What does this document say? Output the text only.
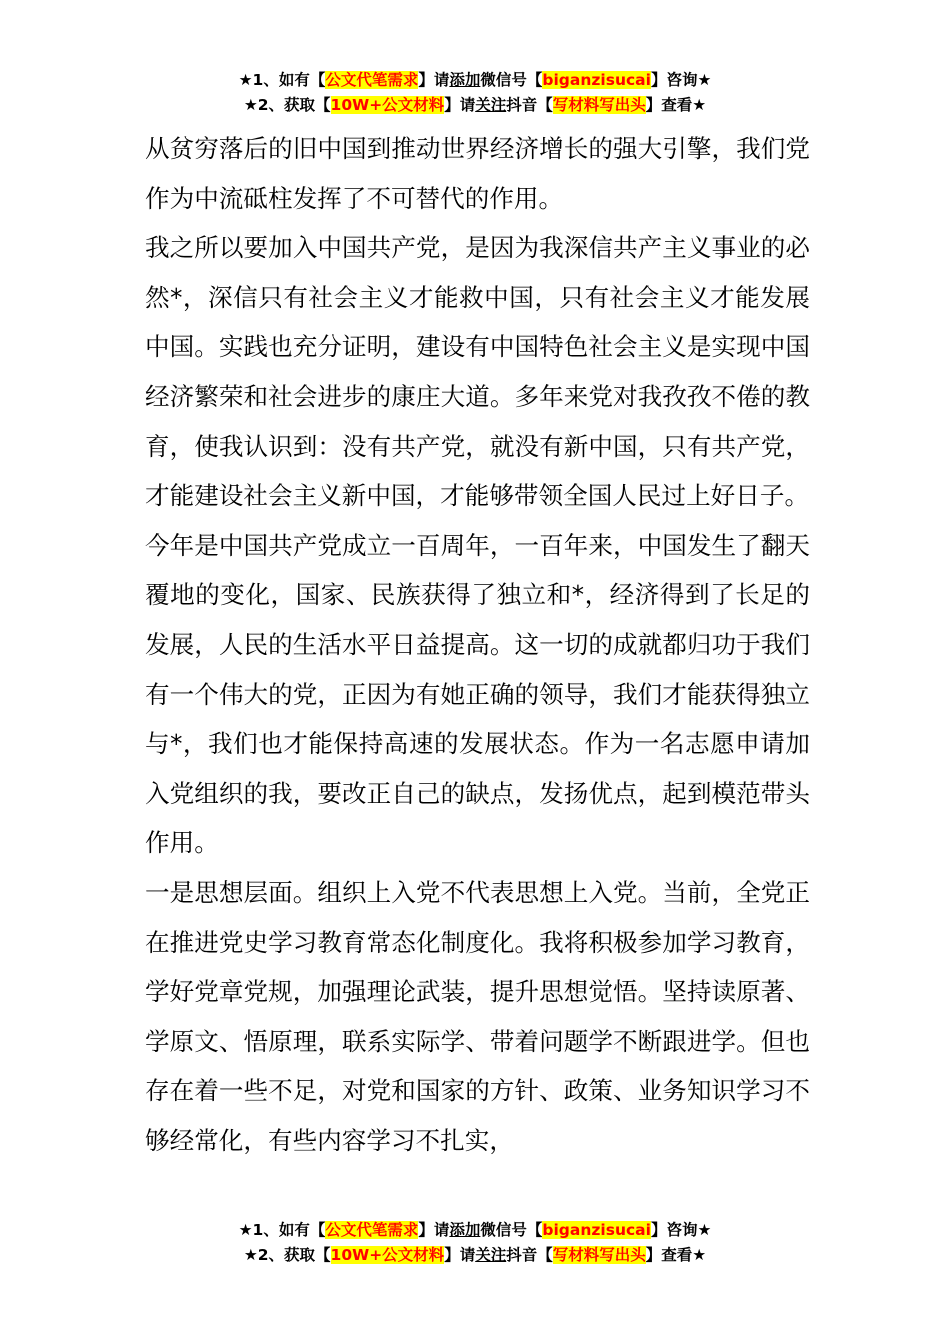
★1、如有【公文代笔需求】请添加微信号【biganzisucai】咨询★
★2、获取【10W+公文材料】请关注抖音【写材料写出头】查看★

从贫穷落后的旧中国到推动世界经济增长的强大引擎，我们党作为中流砥柱发挥了不可替代的作用。

我之所以要加入中国共产党，是因为我深信共产主义事业的必然*，深信只有社会主义才能救中国，只有社会主义才能发展中国。实践也充分证明，建设有中国特色社会主义是实现中国经济繁荣和社会进步的康庄大道。多年来党对我孜孜不倦的教育，使我认识到：没有共产党，就没有新中国，只有共产党，才能建设社会主义新中国，才能够带领全国人民过上好日子。

今年是中国共产党成立一百周年，一百年来，中国发生了翻天覆地的变化，国家、民族获得了独立和*，经济得到了长足的发展，人民的生活水平日益提高。这一切的成就都归功于我们有一个伟大的党，正因为有她正确的领导，我们才能获得独立与*，我们也才能保持高速的发展状态。作为一名志愿申请加入党组织的我，要改正自己的缺点，发扬优点，起到模范带头作用。

一是思想层面。组织上入党不代表思想上入党。当前，全党正在推进党史学习教育常态化制度化。我将积极参加学习教育，学好党章党规，加强理论武装，提升思想觉悟。坚持读原著、学原文、悟原理，联系实际学、带着问题学不断跟进学。但也存在着一些不足，对党和国家的方针、政策、业务知识学习不够经常化，有些内容学习不扎实，

★1、如有【公文代笔需求】请添加微信号【biganzisucai】咨询★
★2、获取【10W+公文材料】请关注抖音【写材料写出头】查看★
